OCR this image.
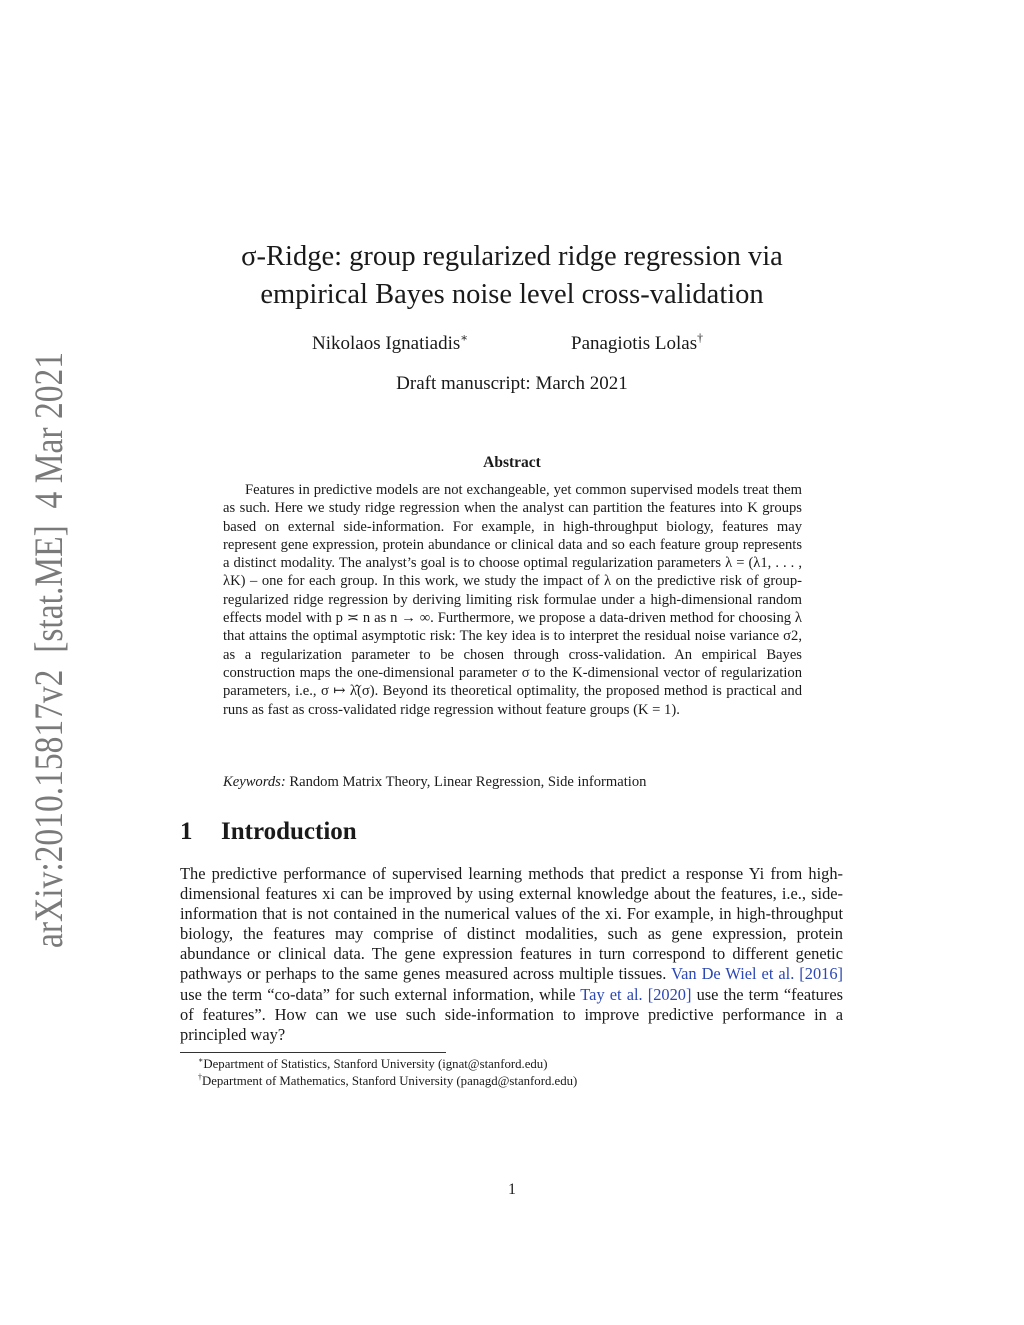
arXiv:2010.15817v2  [stat.ME]  4 Mar 2021	σ-Ridge: group regularized ridge regression via
empirical Bayes noise level cross-validation
Nikolaos Ignatiadis∗	Panagiotis Lolas†
Draft manuscript: March 2021
Abstract
Features in predictive models are not exchangeable, yet common supervised models treat them as such. Here we study ridge regression when the analyst can partition the features into K groups based on external side-information. For example, in high-throughput biology, features may represent gene expression, protein abundance or clinical data and so each feature group represents a distinct modality. The analyst’s goal is to choose optimal regularization parameters λ = (λ1, . . . , λK) – one for each group. In this work, we study the impact of λ on the predictive risk of group-regularized ridge regression by deriving limiting risk formulae under a high-dimensional random effects model with p ≍ n as n → ∞. Furthermore, we propose a data-driven method for choosing λ that attains the optimal asymptotic risk: The key idea is to interpret the residual noise variance σ2, as a regularization parameter to be chosen through cross-validation. An empirical Bayes construction maps the one-dimensional parameter σ to the K-dimensional vector of regularization parameters, i.e., σ ↦ λ̂(σ). Beyond its theoretical optimality, the proposed method is practical and runs as fast as cross-validated ridge regression without feature groups (K = 1).
Keywords: Random Matrix Theory, Linear Regression, Side information
1 Introduction
The predictive performance of supervised learning methods that predict a response Yi from high-dimensional features xi can be improved by using external knowledge about the features, i.e., side-information that is not contained in the numerical values of the xi. For example, in high-throughput biology, the features may comprise of distinct modalities, such as gene expression, protein abundance or clinical data. The gene expression features in turn correspond to different genetic pathways or perhaps to the same genes measured across multiple tissues. Van De Wiel et al. [2016] use the term “co-data” for such external information, while Tay et al. [2020] use the term “features of features”. How can we use such side-information to improve predictive performance in a principled way?
∗Department of Statistics, Stanford University (ignat@stanford.edu)
†Department of Mathematics, Stanford University (panagd@stanford.edu)
1
